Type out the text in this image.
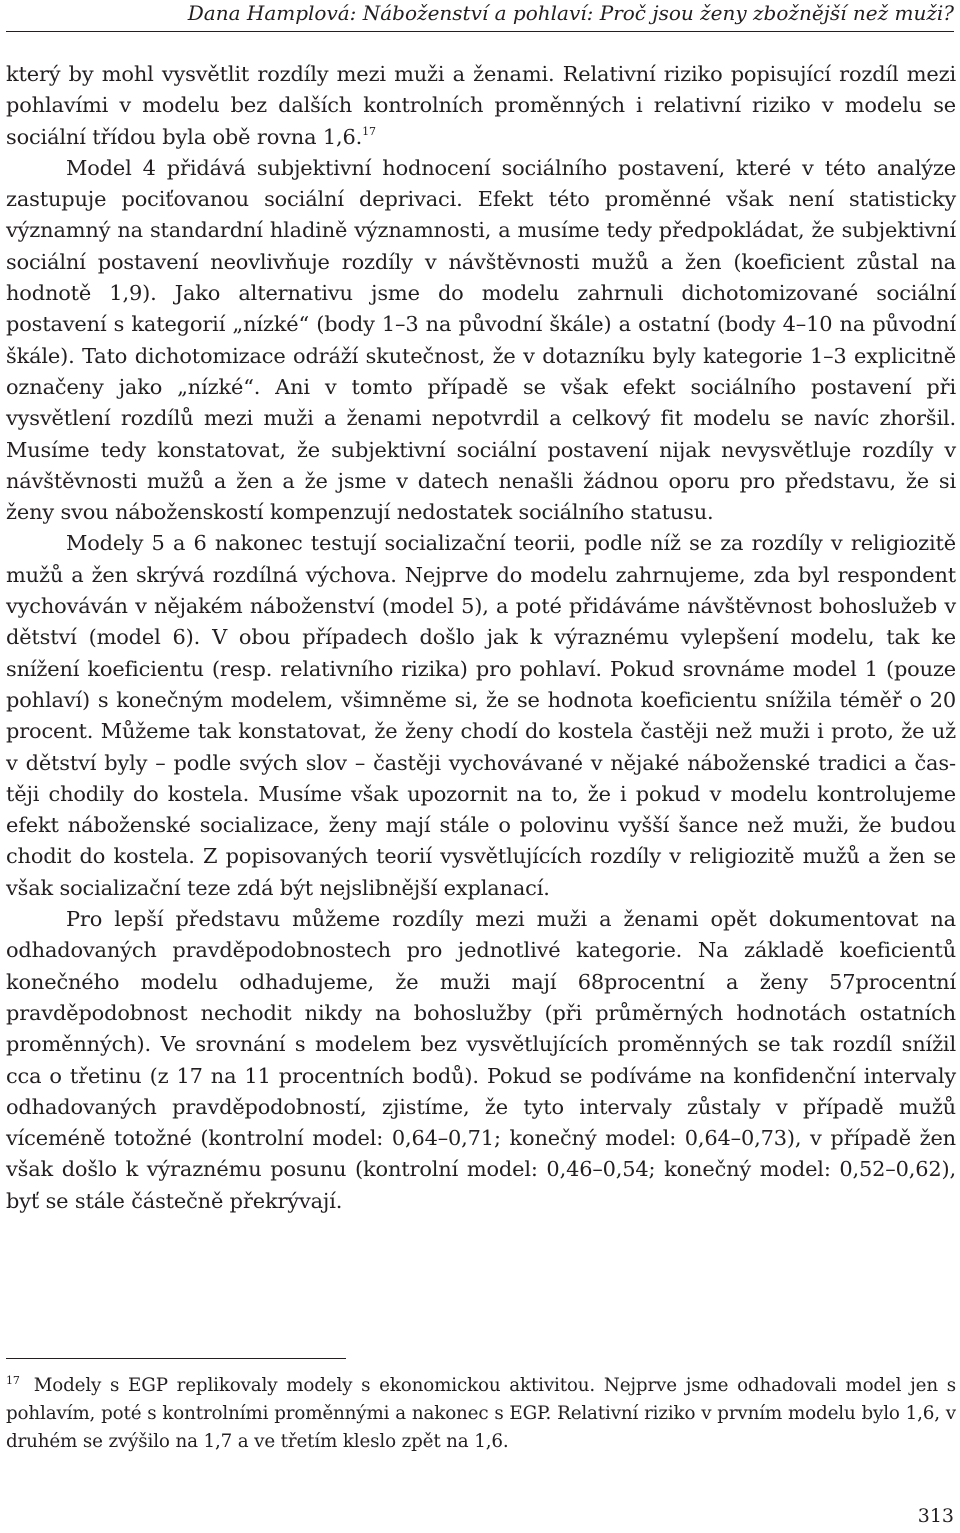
Dana Hamplová: Náboženství a pohlaví: Proč jsou ženy zbožnější než muži?

který by mohl vysvětlit rozdíly mezi muži a ženami. Relativní riziko popisující rozdíl mezi pohlavími v modelu bez dalších kontrolních proměnných i relativní riziko v modelu se sociální třídou byla obě rovna 1,6.17

Model 4 přidává subjektivní hodnocení sociálního postavení, které v této analýze zastupuje pociťovanou sociální deprivaci. Efekt této proměnné však není statisticky významný na standardní hladině významnosti, a musíme tedy předpokládat, že subjektivní sociální postavení neovlivňuje rozdíly v návštěvnosti mužů a žen (koeficient zůstal na hodnotě 1,9). Jako alternativu jsme do modelu zahrnuli dichotomizované sociální postavení s kategorií „nízké“ (body 1–3 na původní škále) a ostatní (body 4–10 na původní škále). Tato dichotomizace odráží skutečnost, že v dotazníku byly kategorie 1–3 explicitně označeny jako „nízké“. Ani v tomto případě se však efekt sociálního postavení při vysvětlení rozdílů mezi muži a ženami nepotvrdil a celkový fit modelu se navíc zhoršil. Musíme tedy konstatovat, že subjektivní sociální postavení nijak nevysvětluje rozdíly v návštěvnosti mužů a žen a že jsme v datech nenašli žádnou oporu pro představu, že si ženy svou náboženskostí kompenzují nedostatek sociálního statusu.

Modely 5 a 6 nakonec testují socializační teorii, podle níž se za rozdíly v religiozitě mužů a žen skrývá rozdílná výchova. Nejprve do modelu zahrnujeme, zda byl respondent vychováván v nějakém náboženství (model 5), a poté přidáváme návštěvnost bohoslužeb v dětství (model 6). V obou případech došlo jak k výraznému vylepšení modelu, tak ke snížení koeficientu (resp. relativního rizika) pro pohlaví. Pokud srovnáme model 1 (pouze pohlaví) s konečným modelem, všimněme si, že se hodnota koeficientu snížila téměř o 20 procent. Můžeme tak konstatovat, že ženy chodí do kostela častěji než muži i proto, že už v dětství byly – podle svých slov – častěji vychovávané v nějaké náboženské tradici a častěji chodily do kostela. Musíme však upozornit na to, že i pokud v modelu kontrolujeme efekt náboženské socializace, ženy mají stále o polovinu vyšší šance než muži, že budou chodit do kostela. Z popisovaných teorií vysvětlujících rozdíly v religiozitě mužů a žen se však socializační teze zdá být nejslibnější explanací.

Pro lepší představu můžeme rozdíly mezi muži a ženami opět dokumentovat na odhadovaných pravděpodobnostech pro jednotlivé kategorie. Na základě koeficientů konečného modelu odhadujeme, že muži mají 68procentní a ženy 57procentní pravděpodobnost nechodit nikdy na bohoslužby (při průměrných hodnotách ostatních proměnných). Ve srovnání s modelem bez vysvětlujících proměnných se tak rozdíl snížil cca o třetinu (z 17 na 11 procentních bodů). Pokud se podíváme na konfidenční intervaly odhadovaných pravděpodobností, zjistíme, že tyto intervaly zůstaly v případě mužů víceméně totožné (kontrolní model: 0,64–0,71; konečný model: 0,64–0,73), v případě žen však došlo k výraznému posunu (kontrolní model: 0,46–0,54; konečný model: 0,52–0,62), byť se stále částečně překrývají.

$^{17}$ Modely s EGP replikovaly modely s ekonomickou aktivitou. Nejprve jsme odhadovali model jen s pohlavím, poté s kontrolními proměnnými a nakonec s EGP. Relativní riziko v prvním modelu bylo 1,6, v druhém se zvýšilo na 1,7 a ve třetím kleslo zpět na 1,6.
313
